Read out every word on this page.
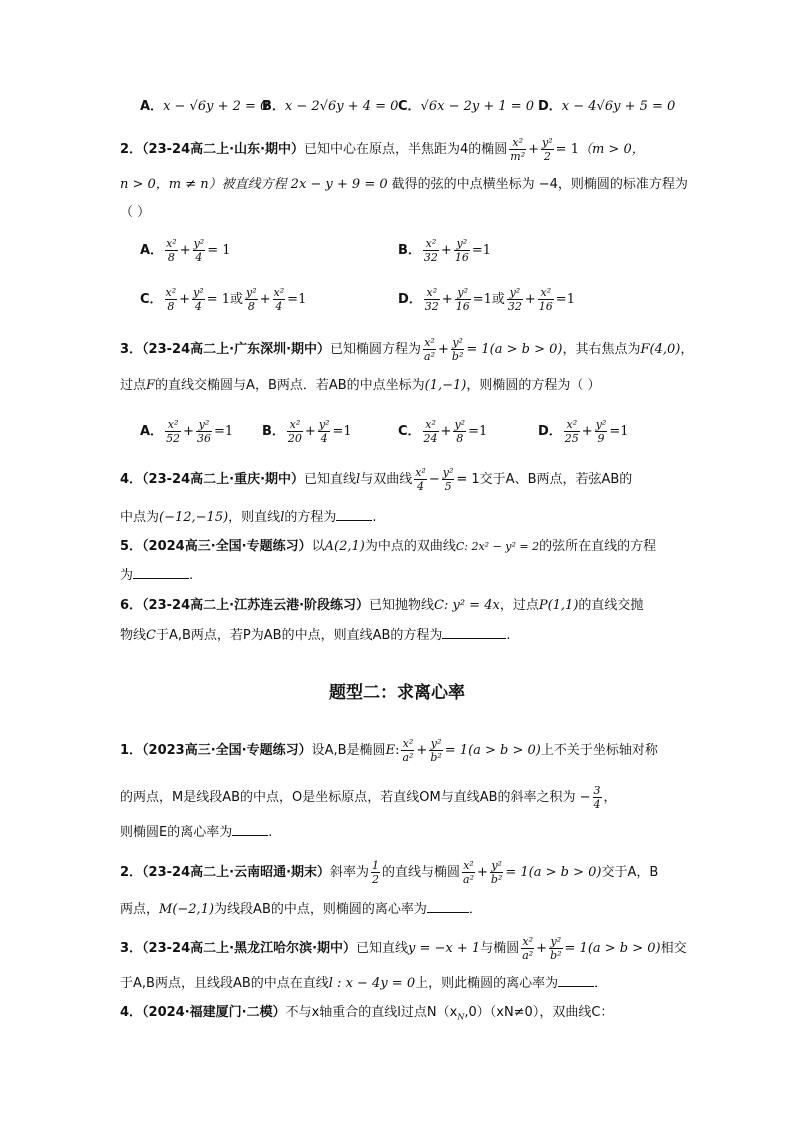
A．x − √6y + 2 = 0
B．x − 2√6y + 4 = 0 C．√6x − 2y + 1 = 0 D．x − 4√6y + 5 = 0
2．（23-24高二上·山东·期中）已知中心在原点，半焦距为4的椭圆 $\frac{\text{x²}}{\text{m²}} + \frac{\text{y²}}{2} = 1(m > 0$，
n > 0，m ≠ n）被直线方程 2x − y + 9 = 0 截得的弦的中点横坐标为 −4，则椭圆的标准方程为
（ ）
A． $\frac{\text{x²}}{8} + \frac{\text{y²}}{4} = 1$	B． $\frac{\text{x²}}{32} + \frac{\text{y²}}{16} =1$
C． $\frac{\text{x²}}{8} + \frac{\text{y²}}{4} = 1$或 $\frac{\text{y²}}{8} + \frac{\text{x²}}{4} =1$	D． $\frac{\text{x²}}{32} + \frac{\text{y²}}{16} =1$或 $\frac{\text{y²}}{32} + \frac{\text{x²}}{16} =1$
3．（23-24高二上·广东深圳·期中）已知椭圆方程为 $\frac{\text{x²}}{\text{a²}} + \frac{\text{y²}}{\text{b²}} = 1(a > b > 0)$，其右焦点为F(4,0)，
过点F的直线交椭圆与A，B两点．若AB的中点坐标为(1,−1)，则椭圆的方程为（ ）
A． $\frac{\text{x²}}{52} + \frac{\text{y²}}{36} =1$ B． $\frac{\text{x²}}{20} + \frac{\text{y²}}{4} =1$	C． $\frac{\text{x²}}{24} + \frac{\text{y²}}{8} =1$	D． $\frac{\text{x²}}{25} + \frac{\text{y²}}{9} =1$
4．（23-24高二上·重庆·期中）已知直线l与双曲线 $\frac{\text{x²}}{4} - \frac{\text{y²}}{5} = 1$交于A、B两点，若弦AB的
中点为(−12,−15)，则直线l的方程为	.
5．（2024高三·全国·专题练习）以A(2,1)为中点的双曲线C: 2x² − y² = 2的弦所在直线的方程
为	.
6．（23-24高二上·江苏连云港·阶段练习）已知抛物线C: y² = 4x，过点P(1,1)的直线交抛
物线C于A,B两点，若P为AB的中点，则直线AB的方程为	.
题型二：求离心率
1．（2023高三·全国·专题练习）设A,B是椭圆E: $\frac{\text{x²}}{\text{a²}} + \frac{\text{y²}}{\text{b²}} = 1(a > b > 0)$上不关于坐标轴对称
的两点，M是线段AB的中点，O是坐标原点，若直线OM与直线AB的斜率之积为 − $\frac{3}{4}$ ，
则椭圆E的离心率为	.
2．（23-24高二上·云南昭通·期末）斜率为 $\frac{1}{2}$ 的直线与椭圆 $\frac{\text{x²}}{\text{a²}} + \frac{\text{y²}}{\text{b²}} = 1(a > b > 0)$交于A，B
两点，M(−2,1)为线段AB的中点，则椭圆的离心率为	．
3．（23-24高二上·黑龙江哈尔滨·期中）已知直线y = −x + 1与椭圆 $\frac{\text{x²}}{\text{a²}} + \frac{\text{y²}}{\text{b²}} = 1(a > b > 0)$相交
于A,B两点，且线段AB的中点在直线l : x − 4y = 0上，则此椭圆的离心率为	．
4．（2024·福建厦门·二模）不与x轴重合的直线l过点$N(x_N,0)(xN\ne 0)$，双曲线C：
